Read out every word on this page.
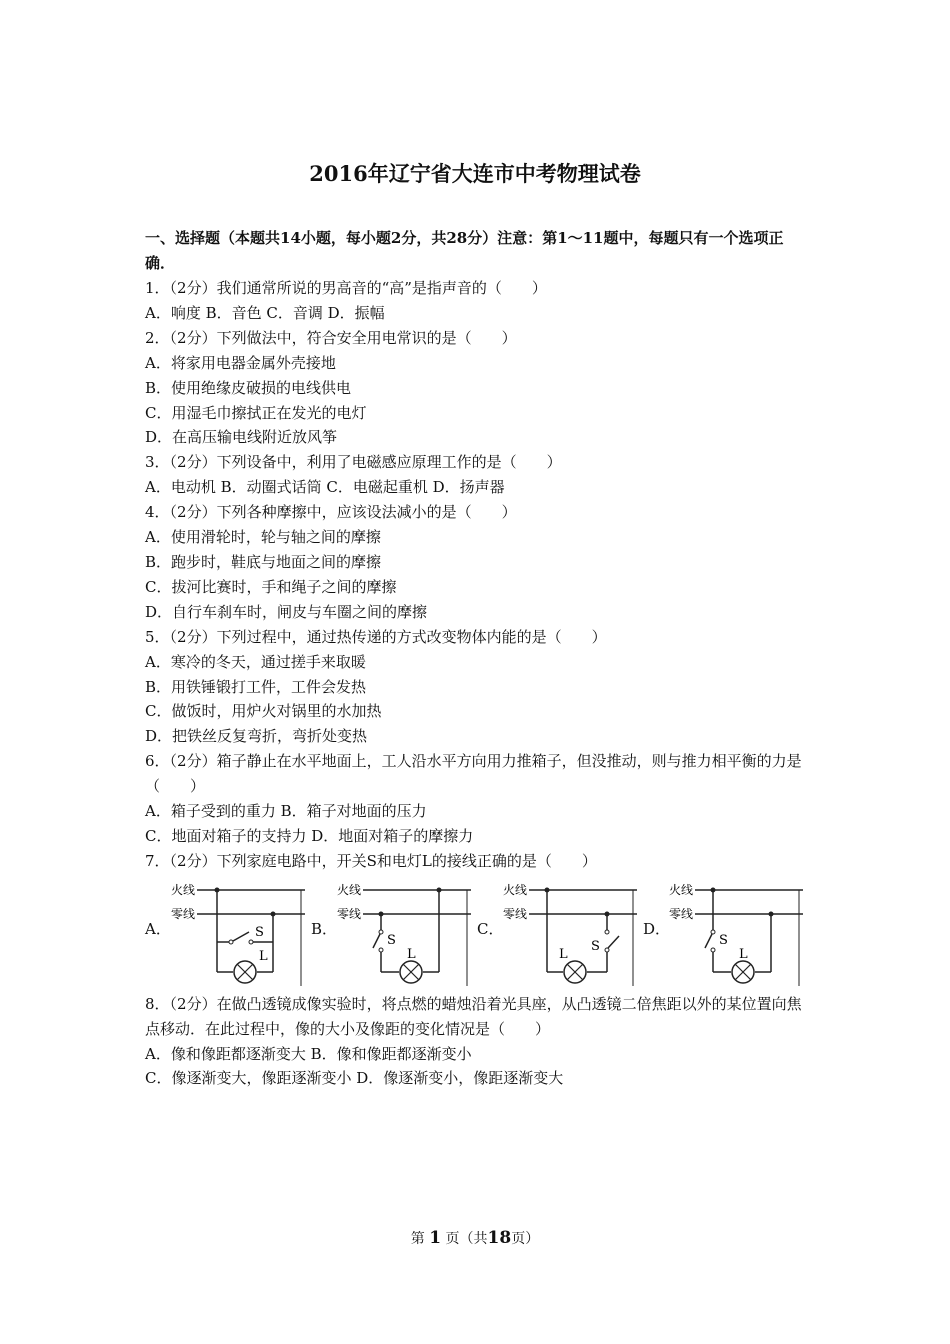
2016年辽宁省大连市中考物理试卷
一、选择题（本题共14小题，每小题2分，共28分）注意：第1～11题中，每题只有一个选项正确．
1．（2分）我们通常所说的男高音的“高”是指声音的（　　）
A．响度 B．音色 C．音调 D．振幅
2．（2分）下列做法中，符合安全用电常识的是（　　）
A．将家用电器金属外壳接地
B．使用绝缘皮破损的电线供电
C．用湿毛巾擦拭正在发光的电灯
D．在高压输电线附近放风筝
3．（2分）下列设备中，利用了电磁感应原理工作的是（　　）
A．电动机 B．动圈式话筒 C．电磁起重机 D．扬声器
4．（2分）下列各种摩擦中，应该设法减小的是（　　）
A．使用滑轮时，轮与轴之间的摩擦
B．跑步时，鞋底与地面之间的摩擦
C．拔河比赛时，手和绳子之间的摩擦
D．自行车刹车时，闸皮与车圈之间的摩擦
5．（2分）下列过程中，通过热传递的方式改变物体内能的是（　　）
A．寒冷的冬天，通过搓手来取暖
B．用铁锤锻打工件，工件会发热
C．做饭时，用炉火对锅里的水加热
D．把铁丝反复弯折，弯折处变热
6．（2分）箱子静止在水平地面上，工人沿水平方向用力推箱子，但没推动，则与推力相平衡的力是（　　）
A．箱子受到的重力 B．箱子对地面的压力
C．地面对箱子的支持力 D．地面对箱子的摩擦力
7．（2分）下列家庭电路中，开关S和电灯L的接线正确的是（　　）
A．
火线
零线
L
S	B．
火线
零线
S
L
C．
火线
零线
L
S
D．
火线
零线
S
L
8．（2分）在做凸透镜成像实验时，将点燃的蜡烛沿着光具座，从凸透镜二倍焦距以外的某位置向焦点移动．在此过程中，像的大小及像距的变化情况是（　　）
A．像和像距都逐渐变大 B．像和像距都逐渐变小
C．像逐渐变大，像距逐渐变小 D．像逐渐变小，像距逐渐变大
第 1 页（共18页）
